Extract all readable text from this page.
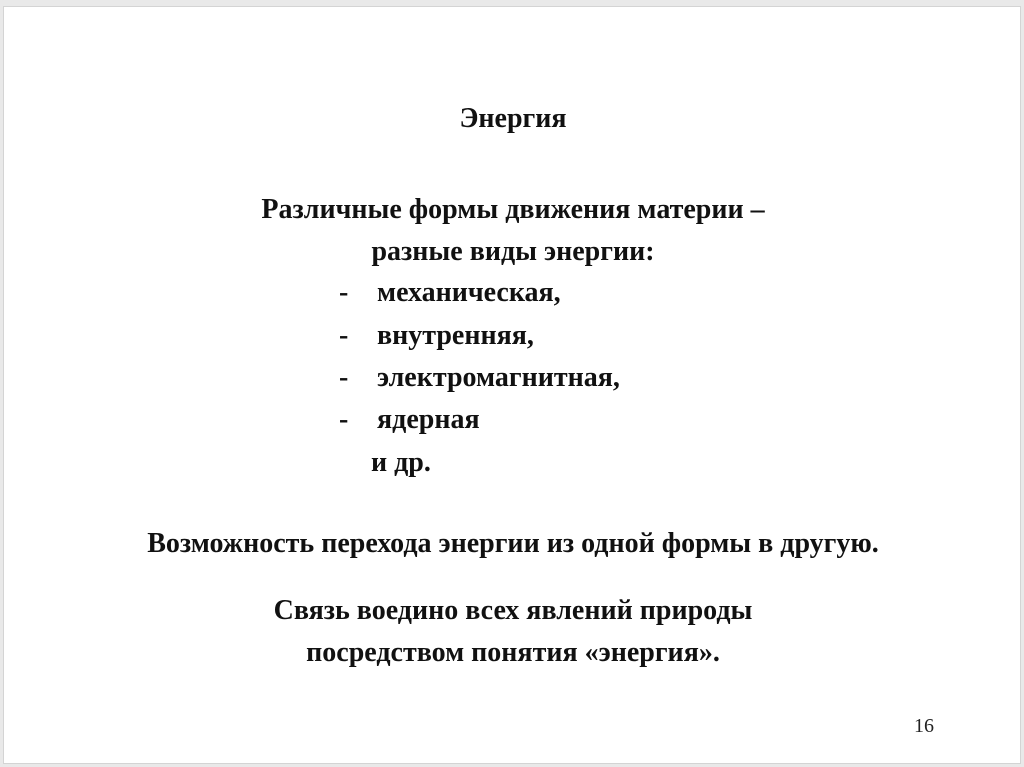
Энергия
Различные формы движения материи –
разные виды энергии:
- механическая,
- внутренняя,
- электромагнитная,
- ядерная
и др.
Возможность перехода энергии из одной формы в другую.
Связь воедино всех явлений природы
посредством понятия «энергия».
16
